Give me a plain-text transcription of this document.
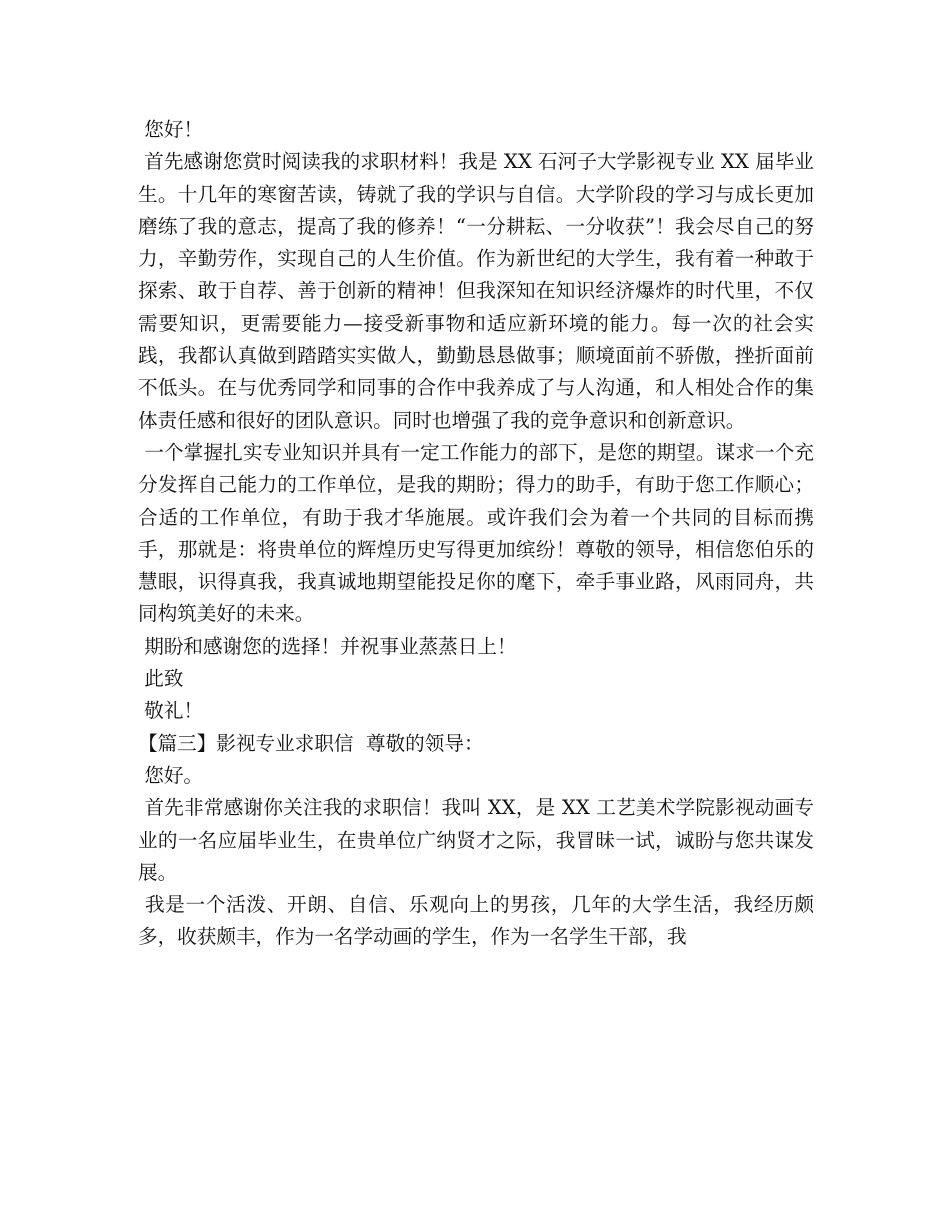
您好！

首先感谢您赏时阅读我的求职材料！我是 XX 石河子大学影视专业 XX 届毕业生。十几年的寒窗苦读，铸就了我的学识与自信。大学阶段的学习与成长更加磨练了我的意志，提高了我的修养！“一分耕耘、一分收获”！我会尽自己的努力，辛勤劳作，实现自己的人生价值。作为新世纪的大学生，我有着一种敢于探索、敢于自荐、善于创新的精神！但我深知在知识经济爆炸的时代里，不仅需要知识，更需要能力—接受新事物和适应新环境的能力。每一次的社会实践，我都认真做到踏踏实实做人，勤勤恳恳做事；顺境面前不骄傲，挫折面前不低头。在与优秀同学和同事的合作中我养成了与人沟通，和人相处合作的集体责任感和很好的团队意识。同时也增强了我的竞争意识和创新意识。

一个掌握扎实专业知识并具有一定工作能力的部下，是您的期望。谋求一个充分发挥自己能力的工作单位，是我的期盼；得力的助手，有助于您工作顺心；合适的工作单位，有助于我才华施展。或许我们会为着一个共同的目标而携手，那就是：将贵单位的辉煌历史写得更加缤纷！尊敬的领导，相信您伯乐的慧眼，识得真我，我真诚地期望能投足你的麾下，牵手事业路，风雨同舟，共同构筑美好的未来。

期盼和感谢您的选择！并祝事业蒸蒸日上！

此致

敬礼！

【篇三】影视专业求职信  尊敬的领导：

您好。

首先非常感谢你关注我的求职信！我叫 XX，是 XX 工艺美术学院影视动画专业的一名应届毕业生，在贵单位广纳贤才之际，我冒昧一试，诚盼与您共谋发展。

我是一个活泼、开朗、自信、乐观向上的男孩，几年的大学生活，我经历颇多，收获颇丰，作为一名学动画的学生，作为一名学生干部，我
